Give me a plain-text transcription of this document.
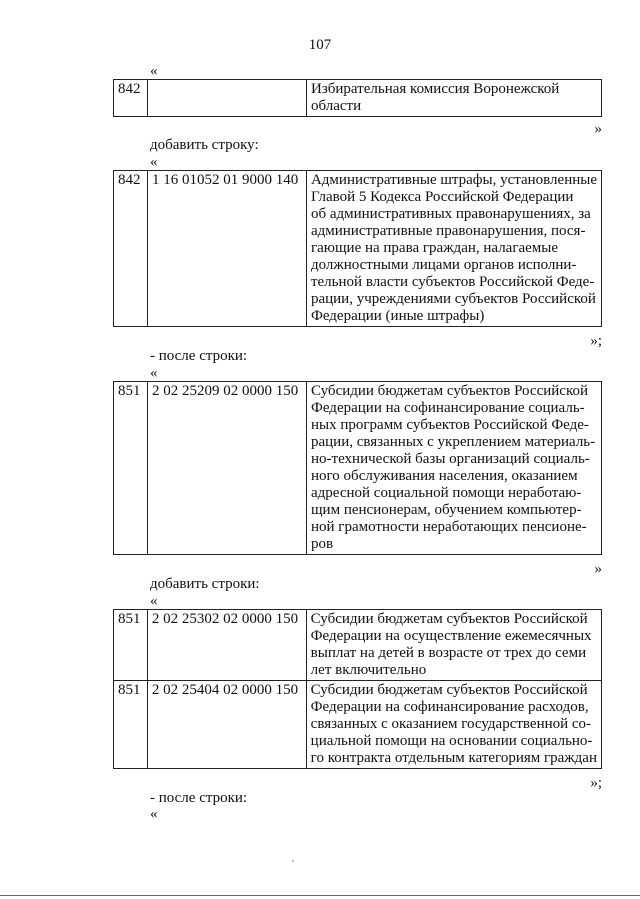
107
«
842		Избирательная комиссия Воронежской
области
»
добавить строку:
«
842	1 16 01052 01 9000 140	Административные штрафы, установленные
Главой 5 Кодекса Российской Федерации
об административных правонарушениях, за
административные правонарушения, пося-
гающие на права граждан, налагаемые
должностными лицами органов исполни-
тельной власти субъектов Российской Феде-
рации, учреждениями субъектов Российской
Федерации (иные штрафы)
»;
- после строки:
«
851	2 02 25209 02 0000 150	Субсидии бюджетам субъектов Российской
Федерации на софинансирование социаль-
ных программ субъектов Российской Феде-
рации, связанных с укреплением материаль-
но-технической базы организаций социаль-
ного обслуживания населения, оказанием
адресной социальной помощи неработаю-
щим пенсионерам, обучением компьютер-
ной грамотности неработающих пенсионе-
ров
»
добавить строки:
«
851	2 02 25302 02 0000 150	Субсидии бюджетам субъектов Российской
Федерации на осуществление ежемесячных
выплат на детей в возрасте от трех до семи
лет включительно

851	2 02 25404 02 0000 150	Субсидии бюджетам субъектов Российской
Федерации на софинансирование расходов,
связанных с оказанием государственной со-
циальной помощи на основании социально-
го контракта отдельным категориям граждан
»;
- после строки:
«
